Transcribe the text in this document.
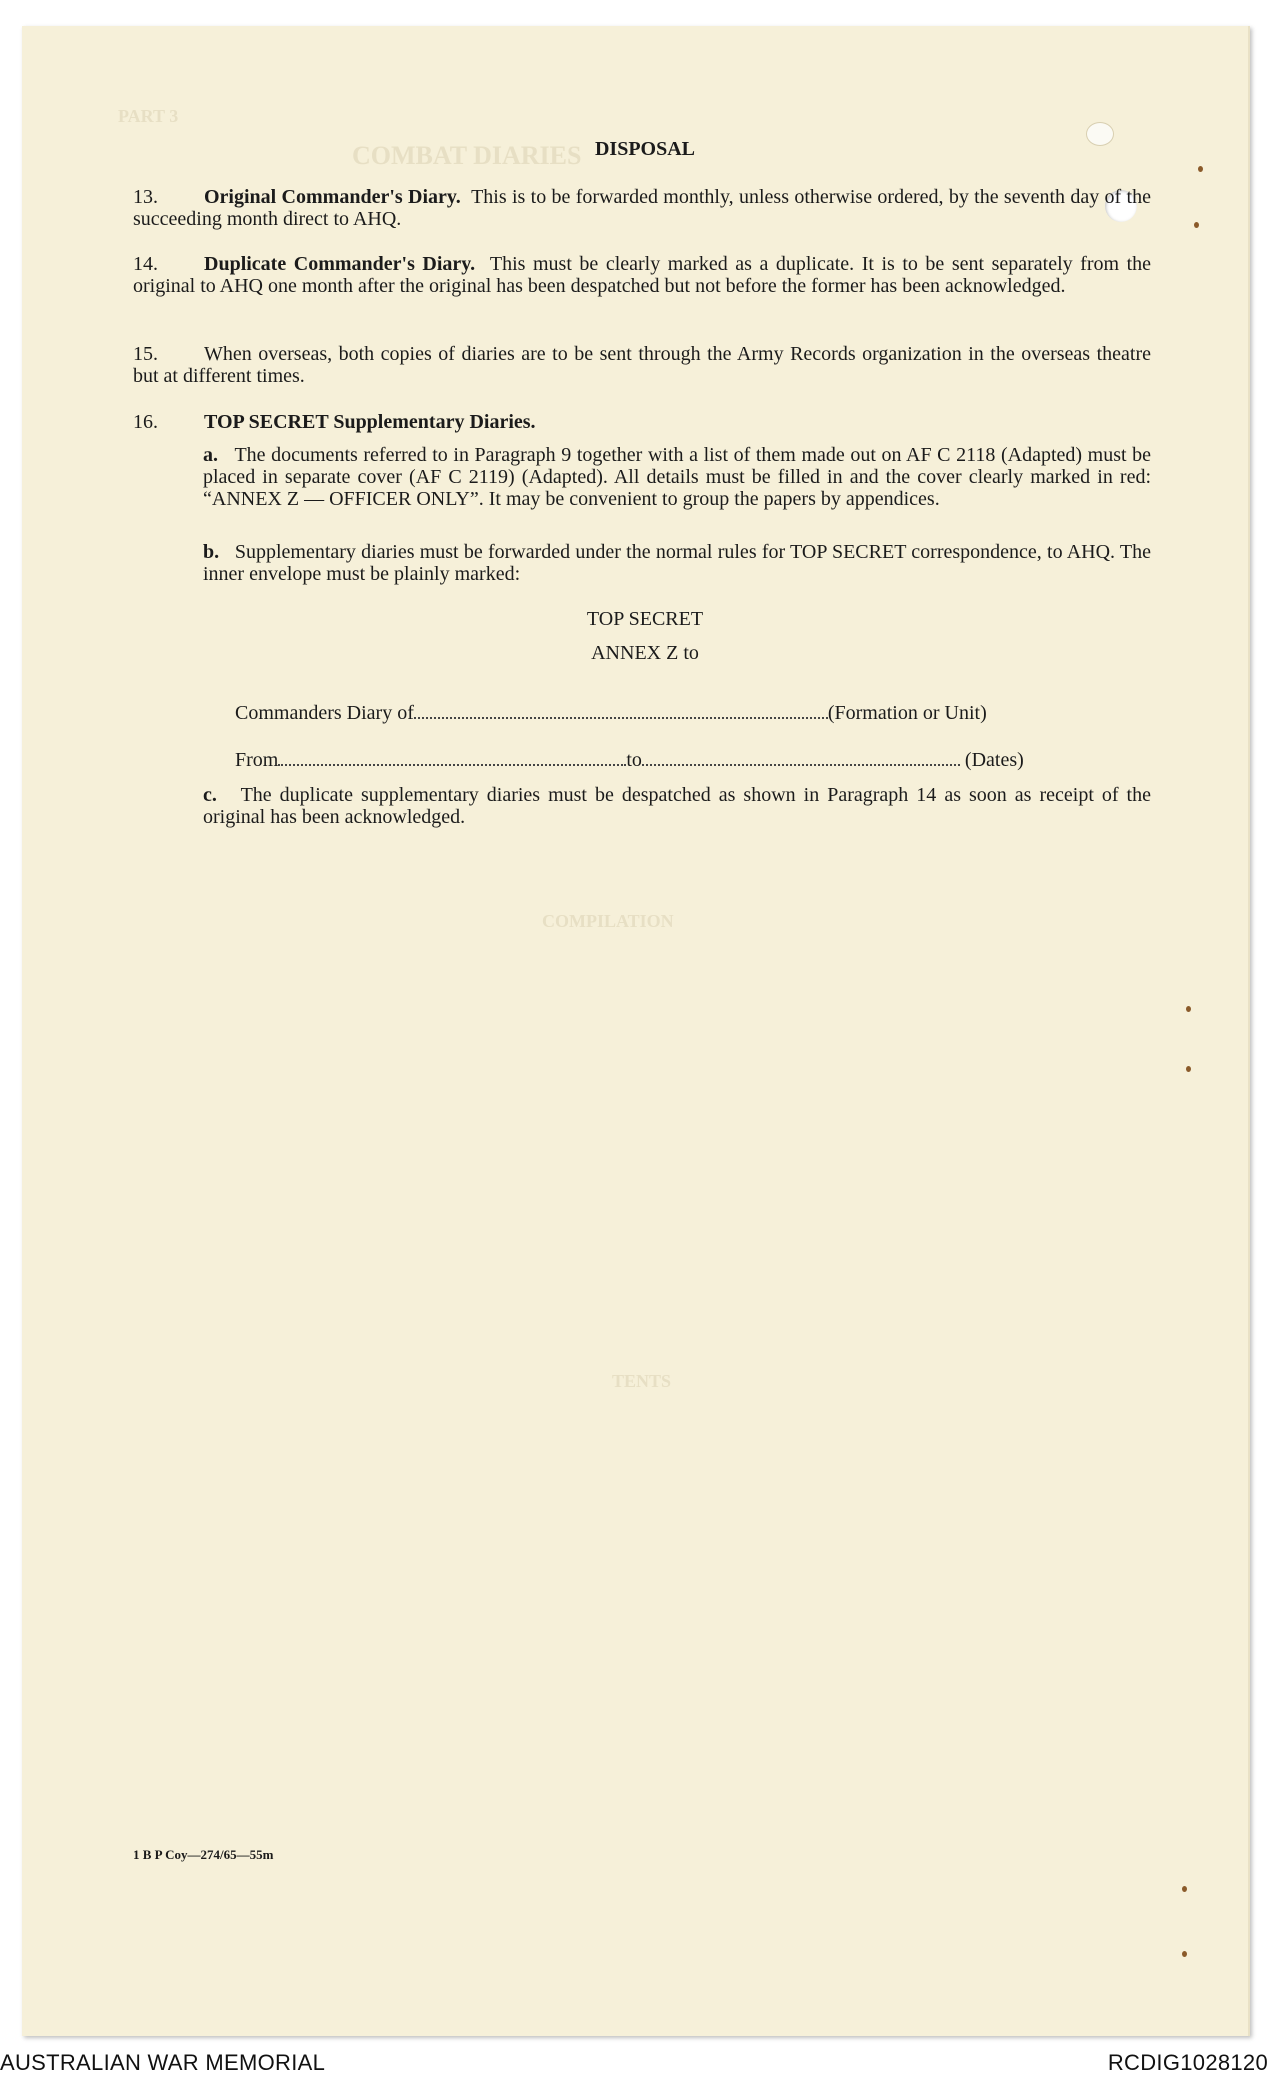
PART 3
COMBAT DIARIES
COMPILATION
TENTS
DISPOSAL
13. Original Commander's Diary. This is to be forwarded monthly, unless otherwise ordered, by the seventh day of the succeeding month direct to AHQ.
14. Duplicate Commander's Diary. This must be clearly marked as a duplicate. It is to be sent separately from the original to AHQ one month after the original has been despatched but not before the former has been acknowledged.
15. When overseas, both copies of diaries are to be sent through the Army Records organization in the overseas theatre but at different times.
16. TOP SECRET Supplementary Diaries.
a. The documents referred to in Paragraph 9 together with a list of them made out on AF C 2118 (Adapted) must be placed in separate cover (AF C 2119) (Adapted). All details must be filled in and the cover clearly marked in red: “ANNEX Z — OFFICER ONLY”. It may be convenient to group the papers by appendices.
b. Supplementary diaries must be forwarded under the normal rules for TOP SECRET correspondence, to AHQ. The inner envelope must be plainly marked:
TOP SECRET
ANNEX Z to
Commanders Diary of	(Formation or Unit)
From	to	(Dates)
c. The duplicate supplementary diaries must be despatched as shown in Paragraph 14 as soon as receipt of the original has been acknowledged.
1 B P Coy—274/65—55m
AUSTRALIAN WAR MEMORIAL	RCDIG1028120
